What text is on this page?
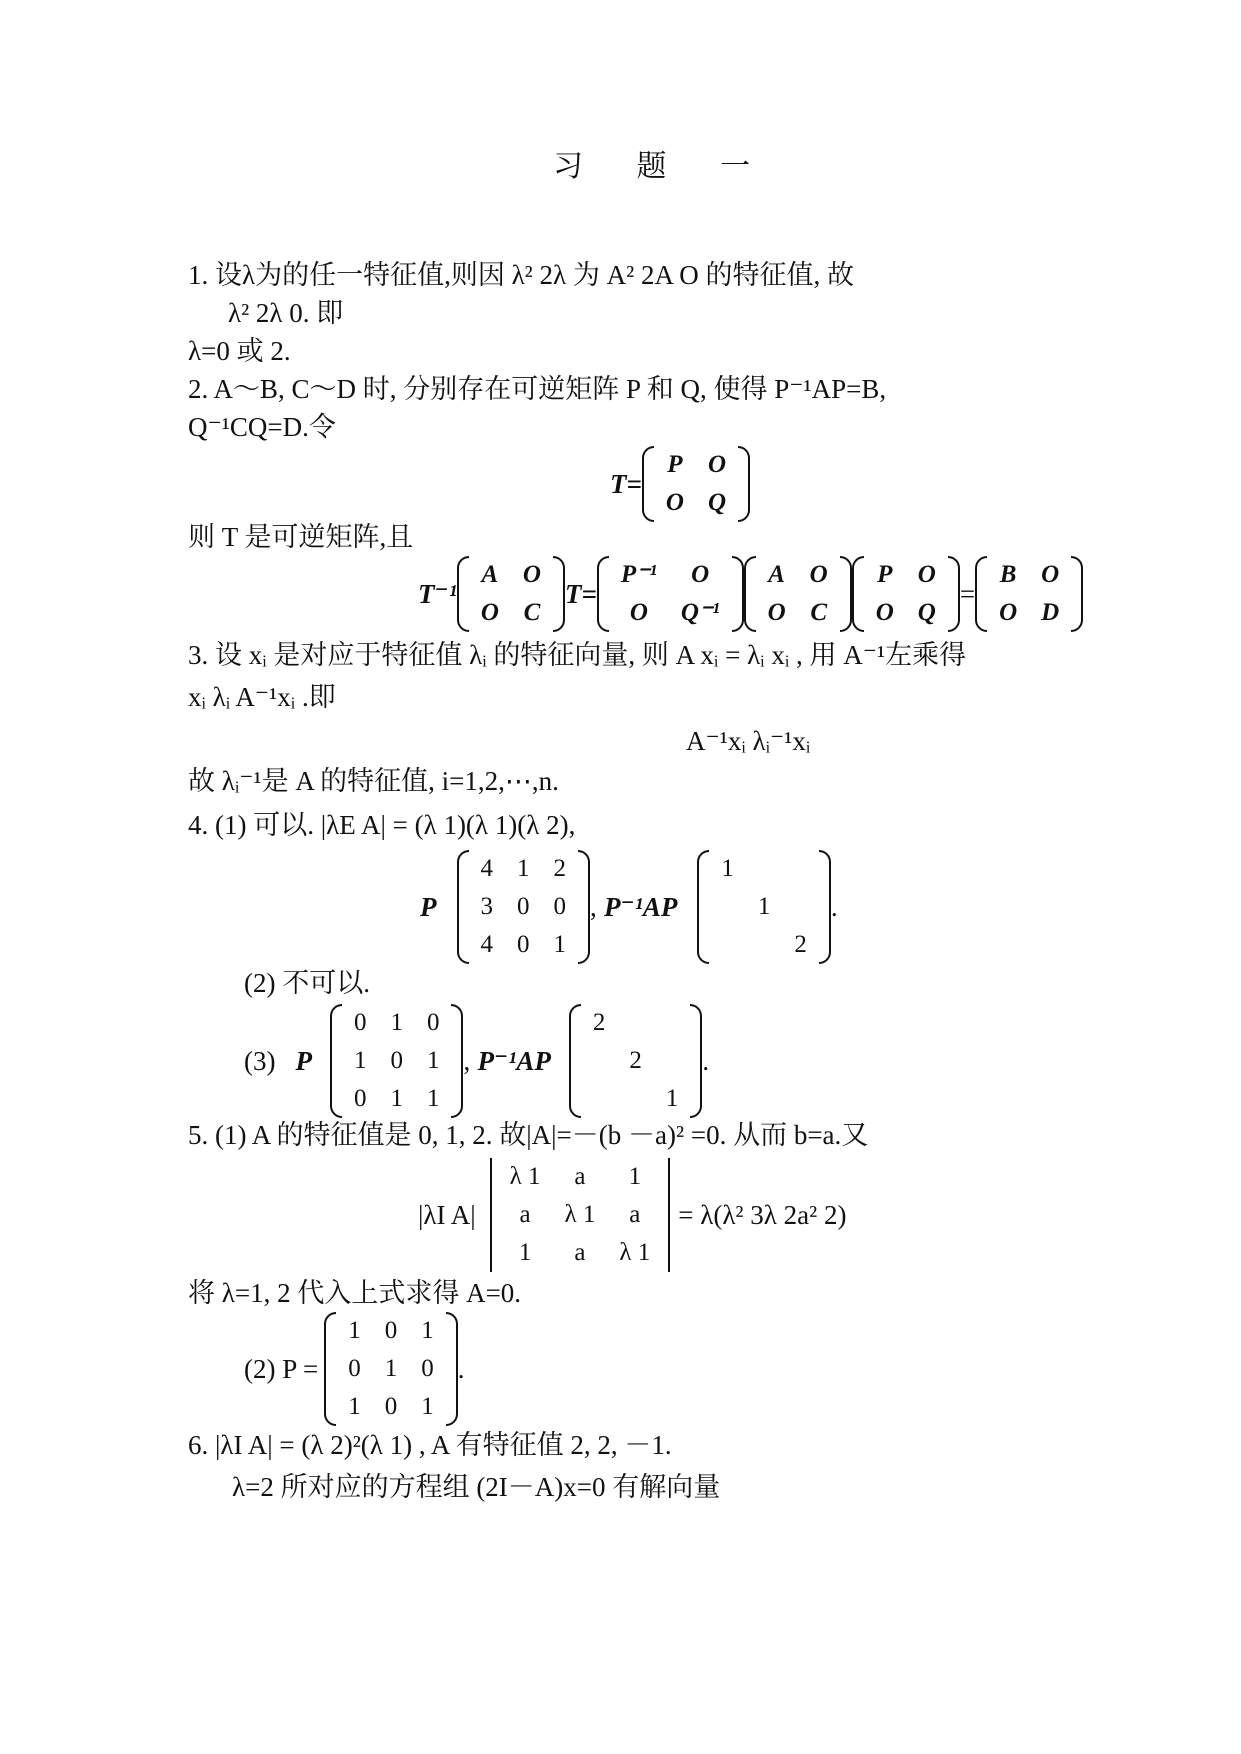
习 题 一
1. 设λ为的任一特征值,则因 λ² 2λ 为 A² 2A O 的特征值, 故
λ² 2λ 0. 即
λ=0 或 2.
2. A～B, C～D 时, 分别存在可逆矩阵 P 和 Q, 使得 P⁻¹AP=B,
Q⁻¹CQ=D.令
T=
P	O
O	Q
则 T 是可逆矩阵,且
T⁻¹
A	O
O	C
T=
P⁻¹	O
O	Q⁻¹
A	O
O	C
P	O
O	Q
=
B	O
O	D
3. 设 xᵢ 是对应于特征值 λᵢ 的特征向量, 则 A xᵢ = λᵢ xᵢ , 用 A⁻¹左乘得
xᵢ λᵢ A⁻¹xᵢ .即
A⁻¹xᵢ λᵢ⁻¹xᵢ
故 λᵢ⁻¹是 A 的特征值, i=1,2,⋯,n.
4. (1) 可以. |λE A| = (λ 1)(λ 1)(λ 2),
P
4	1	2
3	0	0
4	0	1
, P⁻¹AP
1		
	1	
		2
.
(2) 不可以.
(3) P
0	1	0
1	0	1
0	1	1
, P⁻¹AP
2		
	2	
		1
.
5. (1) A 的特征值是 0, 1, 2. 故|A|=－(b －a)² =0. 从而 b=a.又
|λI A|
λ 1	a	1
a	λ 1	a
1	a	λ 1
= λ(λ² 3λ 2a² 2)
将 λ=1, 2 代入上式求得 A=0.
(2) P =
1	0	1
0	1	0
1	0	1
.
6. |λI A| = (λ 2)²(λ 1) , A 有特征值 2, 2, －1.
λ=2 所对应的方程组 (2I－A)x=0 有解向量
